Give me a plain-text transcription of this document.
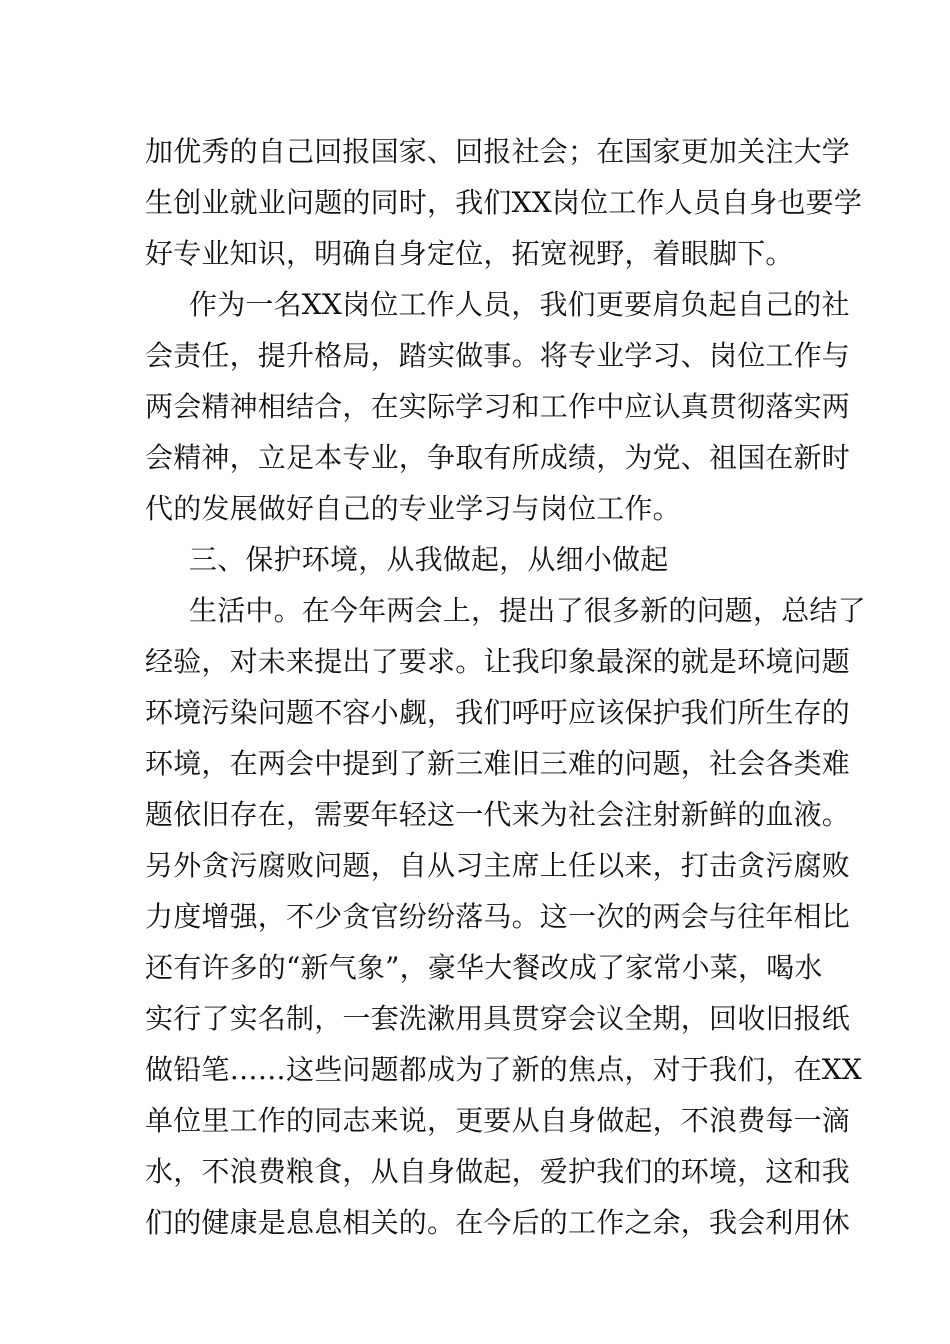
加优秀的自己回报国家、回报社会；在国家更加关注大学
生创业就业问题的同时，我们XX岗位工作人员自身也要学
好专业知识，明确自身定位，拓宽视野，着眼脚下。
作为一名XX岗位工作人员，我们更要肩负起自己的社
会责任，提升格局，踏实做事。将专业学习、岗位工作与
两会精神相结合，在实际学习和工作中应认真贯彻落实两
会精神，立足本专业，争取有所成绩，为党、祖国在新时
代的发展做好自己的专业学习与岗位工作。
三、保护环境，从我做起，从细小做起
生活中。在今年两会上，提出了很多新的问题，总结了
经验，对未来提出了要求。让我印象最深的就是环境问题
环境污染问题不容小觑，我们呼吁应该保护我们所生存的
环境，在两会中提到了新三难旧三难的问题，社会各类难
题依旧存在，需要年轻这一代来为社会注射新鲜的血液。
另外贪污腐败问题，自从习主席上任以来，打击贪污腐败
力度增强，不少贪官纷纷落马。这一次的两会与往年相比
还有许多的“新气象”，豪华大餐改成了家常小菜，喝水
实行了实名制，一套洗漱用具贯穿会议全期，回收旧报纸
做铅笔……这些问题都成为了新的焦点，对于我们，在XX
单位里工作的同志来说，更要从自身做起，不浪费每一滴
水，不浪费粮食，从自身做起，爱护我们的环境，这和我
们的健康是息息相关的。在今后的工作之余，我会利用休
